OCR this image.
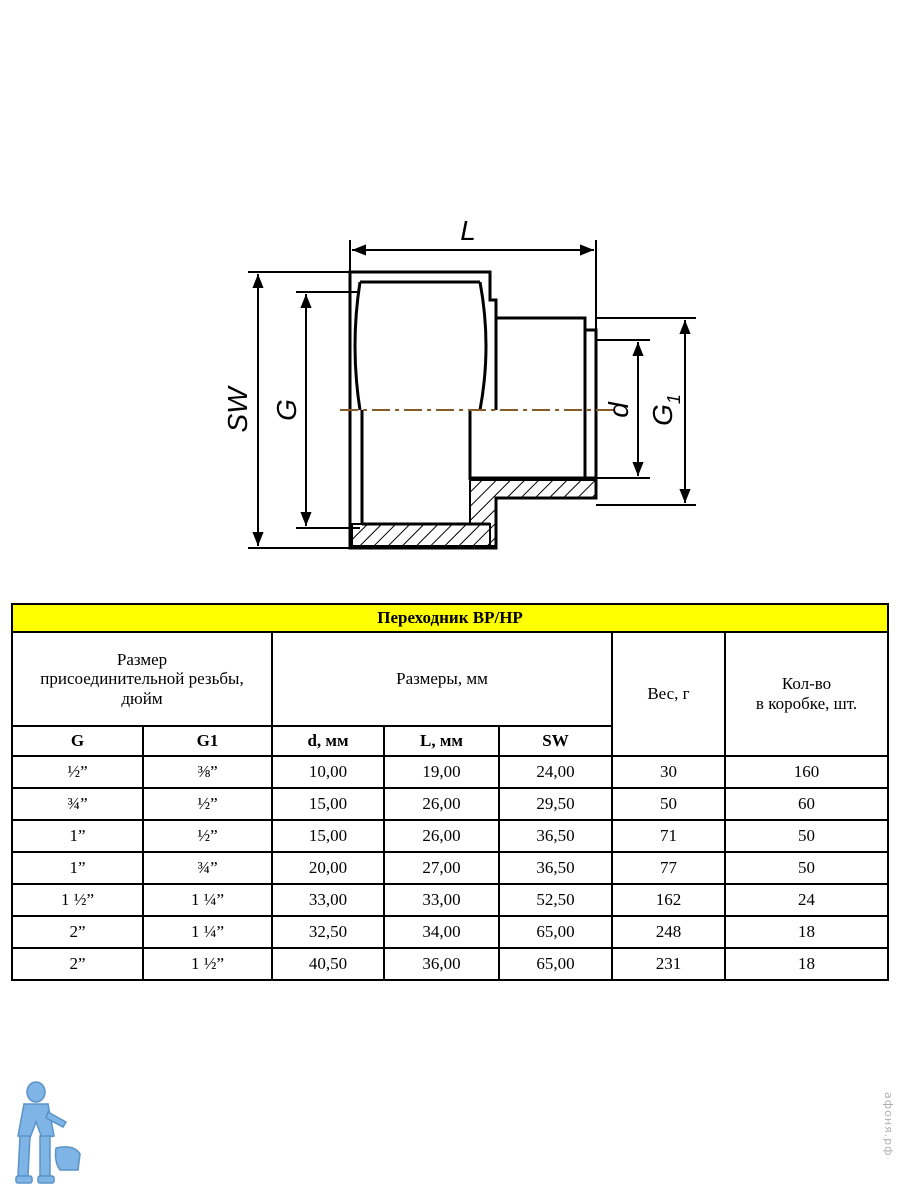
L
SW G	d $G_1$
Переходник ВР/НР						
Размер
присоединительной резьбы,
дюйм		Размеры, мм			Вес, г	Кол-во
в коробке, шт.
G	G1	d, мм	L, мм	SW		
½”	⅜”	10,00	19,00	24,00	30	160
¾”	½”	15,00	26,00	29,50	50	60
1”	½”	15,00	26,00	36,50	71	50
1”	¾”	20,00	27,00	36,50	77	50
1 ½”	1 ¼”	33,00	33,00	52,50	162	24
2”	1 ¼”	32,50	34,00	65,00	248	18
2”	1 ½”	40,50	36,00	65,00	231	18
афоня.рф
